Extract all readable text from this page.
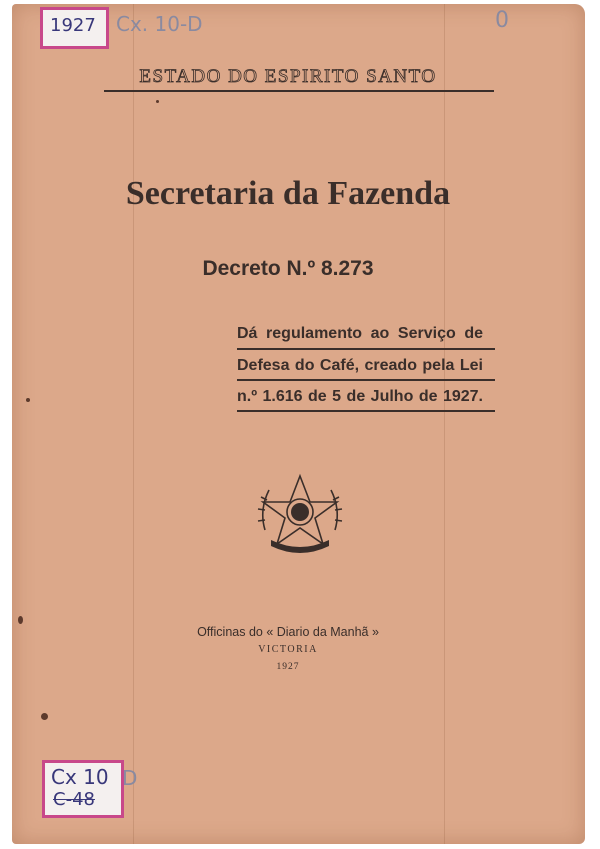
1927 Cx. 10-D	0
ESTADO DO ESPIRITO SANTO
Secretaria da Fazenda
Decreto N.º 8.273
Dá regulamento ao Serviço de
Defesa do Café, creado pela Lei
n.º 1.616 de 5 de Julho de 1927.
Officinas do « Diario da Manhã »
VICTORIA
1927
Cx 10
C-48
D
